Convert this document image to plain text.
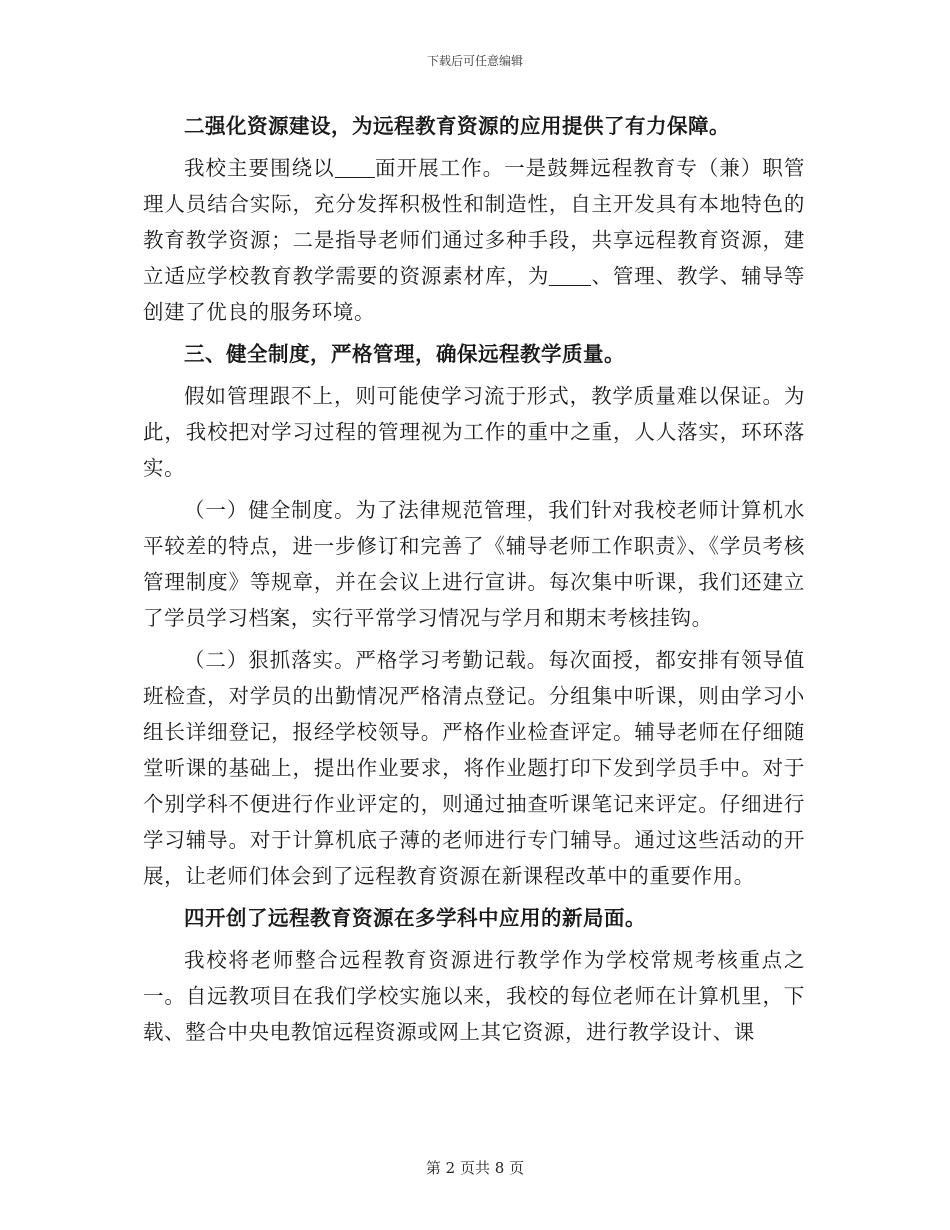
下载后可任意编辑
二强化资源建设，为远程教育资源的应用提供了有力保障。
我校主要围绕以 面开展工作。一是鼓舞远程教育专（兼）职管理人员结合实际，充分发挥积极性和制造性，自主开发具有本地特色的教育教学资源；二是指导老师们通过多种手段，共享远程教育资源，建立适应学校教育教学需要的资源素材库，为 、管理、教学、辅导等创建了优良的服务环境。
三、健全制度，严格管理，确保远程教学质量。
假如管理跟不上，则可能使学习流于形式，教学质量难以保证。为此，我校把对学习过程的管理视为工作的重中之重，人人落实，环环落实。
（一）健全制度。为了法律规范管理，我们针对我校老师计算机水平较差的特点，进一步修订和完善了《辅导老师工作职责》、《学员考核管理制度》等规章，并在会议上进行宣讲。每次集中听课，我们还建立了学员学习档案，实行平常学习情况与学月和期末考核挂钩。
（二）狠抓落实。严格学习考勤记载。每次面授，都安排有领导值班检查，对学员的出勤情况严格清点登记。分组集中听课，则由学习小组长详细登记，报经学校领导。严格作业检查评定。辅导老师在仔细随堂听课的基础上，提出作业要求，将作业题打印下发到学员手中。对于个别学科不便进行作业评定的，则通过抽查听课笔记来评定。仔细进行学习辅导。对于计算机底子薄的老师进行专门辅导。通过这些活动的开展，让老师们体会到了远程教育资源在新课程改革中的重要作用。
四开创了远程教育资源在多学科中应用的新局面。
我校将老师整合远程教育资源进行教学作为学校常规考核重点之一。自远教项目在我们学校实施以来，我校的每位老师在计算机里，下载、整合中央电教馆远程资源或网上其它资源，进行教学设计、课
第 2 页共 8 页
